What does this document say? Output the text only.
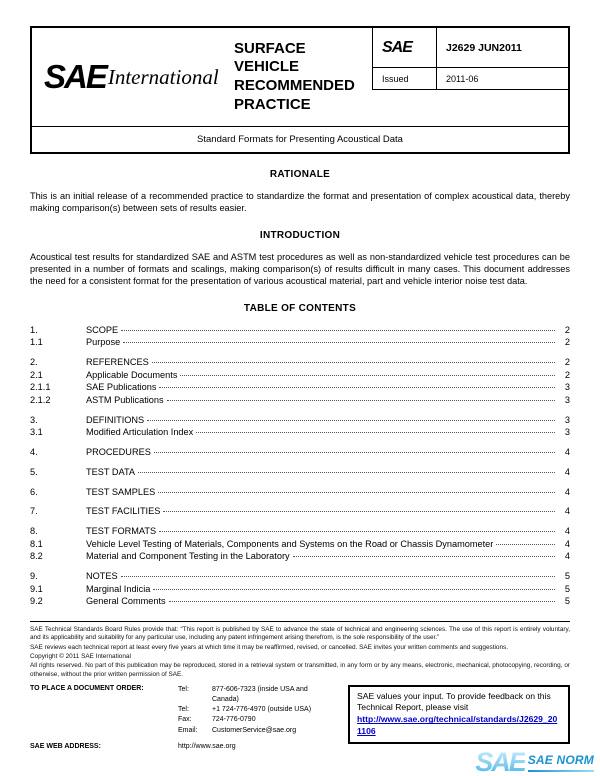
SAE International
SURFACE VEHICLE RECOMMENDED PRACTICE
SAE	J2629 JUN2011
Issued	2011-06
Standard Formats for Presenting Acoustical Data
RATIONALE

This is an initial release of a recommended practice to standardize the format and presentation of complex acoustical data, thereby making comparison(s) between sets of results easier.

INTRODUCTION

Acoustical test results for standardized SAE and ASTM test procedures as well as non-standardized vehicle test procedures can be presented in a number of formats and scalings, making comparison(s) of results difficult in many cases. This document addresses the need for a consistent format for the presentation of various acoustical material, part and vehicle interior noise test data.

TABLE OF CONTENTS
1.	SCOPE	2
1.1	Purpose	2
2.	REFERENCES	2
2.1	Applicable Documents	2
2.1.1	SAE Publications	3
2.1.2	ASTM Publications	3
3.	DEFINITIONS	3
3.1	Modified Articulation Index	3
4.	PROCEDURES	4
5.	TEST DATA	4
6.	TEST SAMPLES	4
7.	TEST FACILITIES	4
8.	TEST FORMATS	4
8.1	Vehicle Level Testing of Materials, Components and Systems on the Road or Chassis Dynamometer	4
8.2	Material and Component Testing in the Laboratory	4
9.	NOTES	5
9.1	Marginal Indicia	5
9.2	General Comments	5

SAE Technical Standards Board Rules provide that: “This report is published by SAE to advance the state of technical and engineering sciences. The use of this report is entirely voluntary, and its applicability and suitability for any particular use, including any patent infringement arising therefrom, is the sole responsibility of the user.”

SAE reviews each technical report at least every five years at which time it may be reaffirmed, revised, or cancelled. SAE invites your written comments and suggestions.

Copyright © 2011 SAE International

All rights reserved. No part of this publication may be reproduced, stored in a retrieval system or transmitted, in any form or by any means, electronic, mechanical, photocopying, recording, or otherwise, without the prior written permission of SAE.

TO PLACE A DOCUMENT ORDER:	Tel:	877-606-7323 (inside USA and Canada)
Tel:	+1 724-776-4970 (outside USA)
Fax:	724-776-0790
Email:	CustomerService@sae.org
SAE WEB ADDRESS:	http://www.sae.org
SAE values your input. To provide feedback on this Technical Report, please visit
http://www.sae.org/technical/standards/J2629_201106
SAE SAE NORM
